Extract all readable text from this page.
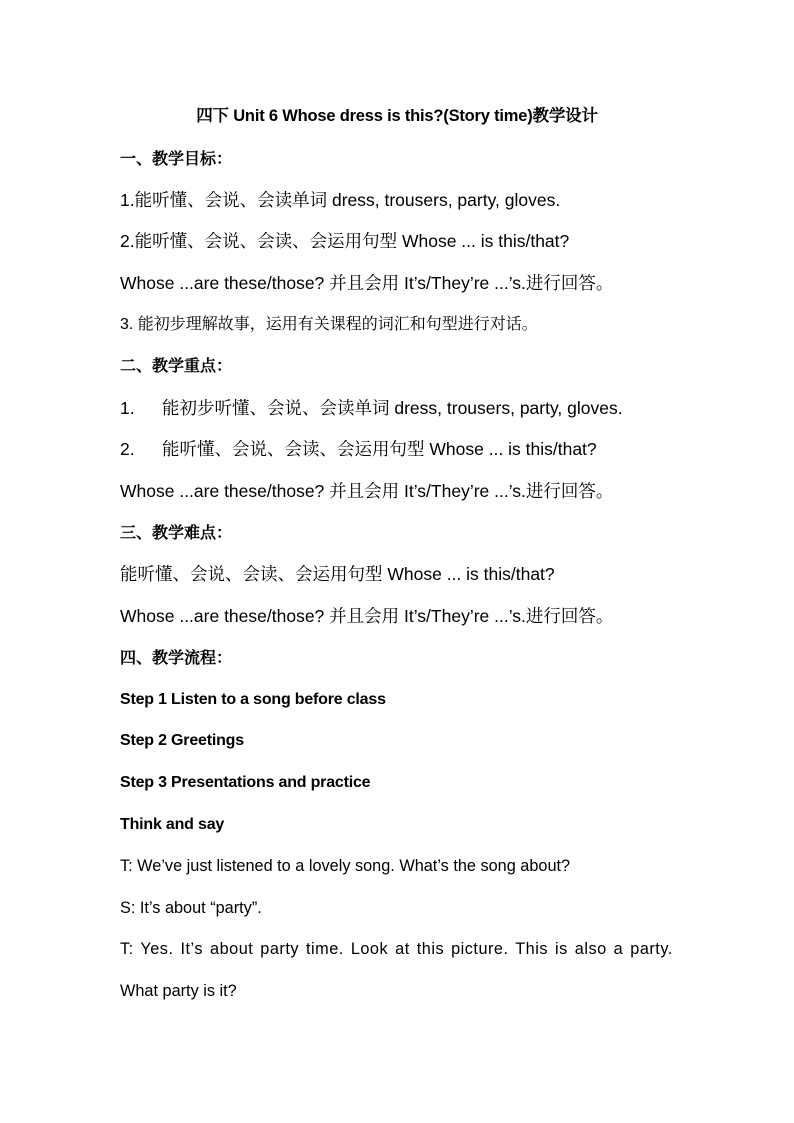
四下 Unit 6 Whose dress is this?(Story time)教学设计
一、教学目标：
1.能听懂、会说、会读单词 dress, trousers, party, gloves.
2.能听懂、会说、会读、会运用句型 Whose ... is this/that?
Whose ...are these/those? 并且会用 It’s/They’re ...’s.进行回答。
3. 能初步理解故事，运用有关课程的词汇和句型进行对话。
二、教学重点：
1. 能初步听懂、会说、会读单词 dress, trousers, party, gloves.
2. 能听懂、会说、会读、会运用句型 Whose ... is this/that?
Whose ...are these/those? 并且会用 It’s/They’re ...’s.进行回答。
三、教学难点：
能听懂、会说、会读、会运用句型 Whose ... is this/that?
Whose ...are these/those? 并且会用 It’s/They’re ...’s.进行回答。
四、教学流程：
Step 1 Listen to a song before class
Step 2 Greetings
Step 3 Presentations and practice
Think and say
T: We’ve just listened to a lovely song. What’s the song about?
S: It’s about “party”.
T: Yes. It’s about party time. Look at this picture. This is also a party.
What party is it?
